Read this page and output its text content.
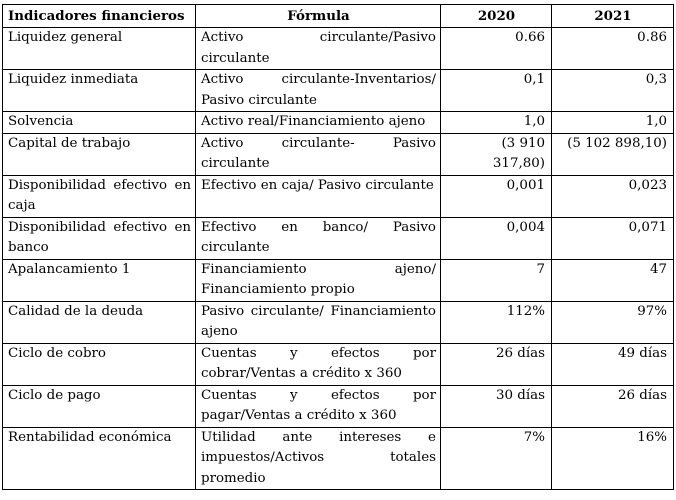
Indicadores financieros	Fórmula	2020	2021
Liquidez general	Activo circulante/Pasivo circulante	0.66	0.86
Liquidez inmediata	Activo circulante-Inventarios/ Pasivo circulante	0,1	0,3
Solvencia	Activo real/Financiamiento ajeno	1,0	1,0
Capital de trabajo	Activo circulante- Pasivo circulante	(3 910 317,80)	(5 102 898,10)
Disponibilidad efectivo en caja	Efectivo en caja/ Pasivo circulante	0,001	0,023
Disponibilidad efectivo en banco	Efectivo en banco/ Pasivo circulante	0,004	0,071
Apalancamiento 1	Financiamiento ajeno/ Financiamiento propio	7	47
Calidad de la deuda	Pasivo circulante/ Financiamiento ajeno	112%	97%
Ciclo de cobro	Cuentas y efectos por cobrar/Ventas a crédito x 360	26 días	49 días
Ciclo de pago	Cuentas y efectos por pagar/Ventas a crédito x 360	30 días	26 días
Rentabilidad económica	Utilidad ante intereses e impuestos/Activos totales promedio	7%	16%
